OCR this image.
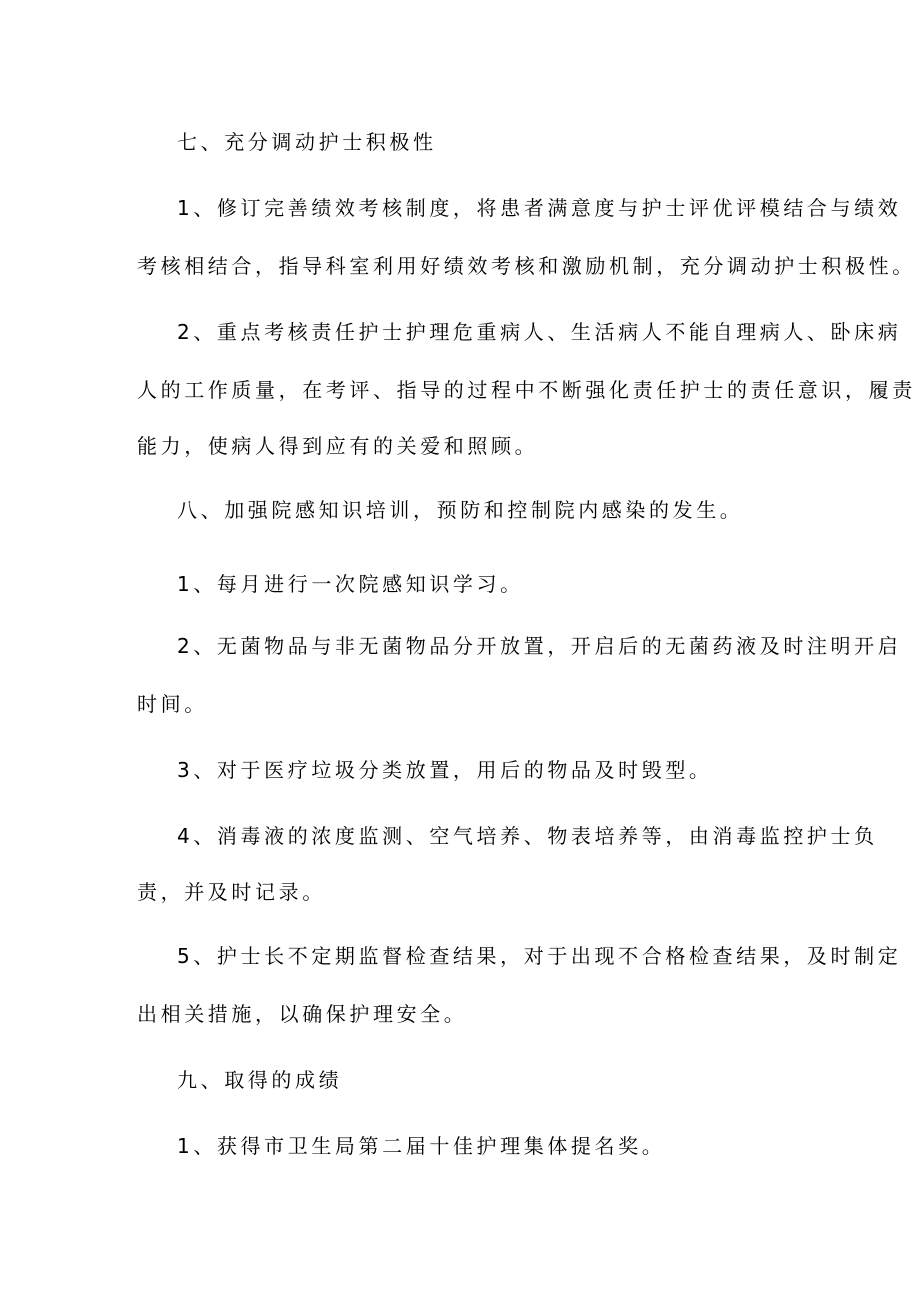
七、充分调动护士积极性
1、修订完善绩效考核制度，将患者满意度与护士评优评模结合与绩效
考核相结合，指导科室利用好绩效考核和激励机制，充分调动护士积极性。
2、重点考核责任护士护理危重病人、生活病人不能自理病人、卧床病
人的工作质量，在考评、指导的过程中不断强化责任护士的责任意识，履责
能力，使病人得到应有的关爱和照顾。
八、加强院感知识培训，预防和控制院内感染的发生。
1、每月进行一次院感知识学习。
2、无菌物品与非无菌物品分开放置，开启后的无菌药液及时注明开启
时间。
3、对于医疗垃圾分类放置，用后的物品及时毁型。
4、消毒液的浓度监测、空气培养、物表培养等，由消毒监控护士负
责，并及时记录。
5、护士长不定期监督检查结果，对于出现不合格检查结果，及时制定
出相关措施，以确保护理安全。
九、取得的成绩
1、获得市卫生局第二届十佳护理集体提名奖。
